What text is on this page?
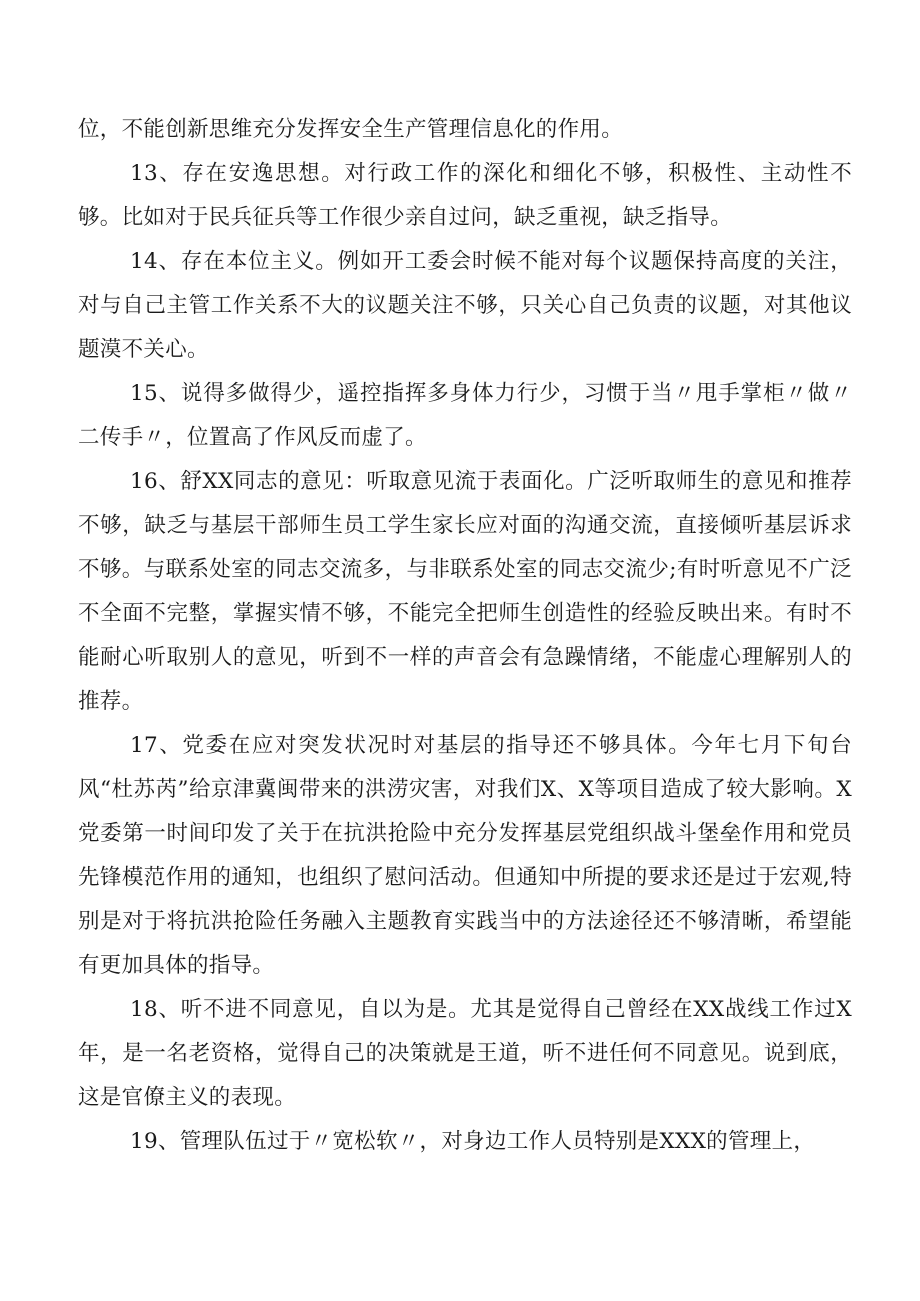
位，不能创新思维充分发挥安全生产管理信息化的作用。

13、存在安逸思想。对行政工作的深化和细化不够，积极性、主动性不够。比如对于民兵征兵等工作很少亲自过问，缺乏重视，缺乏指导。

14、存在本位主义。例如开工委会时候不能对每个议题保持高度的关注，对与自己主管工作关系不大的议题关注不够，只关心自己负责的议题，对其他议题漠不关心。

15、说得多做得少，遥控指挥多身体力行少，习惯于当〃甩手掌柜〃做〃二传手〃，位置高了作风反而虚了。

16、舒XX同志的意见：听取意见流于表面化。广泛听取师生的意见和推荐不够，缺乏与基层干部师生员工学生家长应对面的沟通交流，直接倾听基层诉求不够。与联系处室的同志交流多，与非联系处室的同志交流少;有时听意见不广泛不全面不完整，掌握实情不够，不能完全把师生创造性的经验反映出来。有时不能耐心听取别人的意见，听到不一样的声音会有急躁情绪，不能虚心理解别人的推荐。

17、党委在应对突发状况时对基层的指导还不够具体。今年七月下旬台风“杜苏芮”给京津冀闽带来的洪涝灾害，对我们X、X等项目造成了较大影响。X党委第一时间印发了关于在抗洪抢险中充分发挥基层党组织战斗堡垒作用和党员先锋模范作用的通知，也组织了慰问活动。但通知中所提的要求还是过于宏观,特别是对于将抗洪抢险任务融入主题教育实践当中的方法途径还不够清晰，希望能有更加具体的指导。

18、听不进不同意见，自以为是。尤其是觉得自己曾经在XX战线工作过X年，是一名老资格，觉得自己的决策就是王道，听不进任何不同意见。说到底，这是官僚主义的表现。

19、管理队伍过于〃宽松软〃，对身边工作人员特别是XXX的管理上，
